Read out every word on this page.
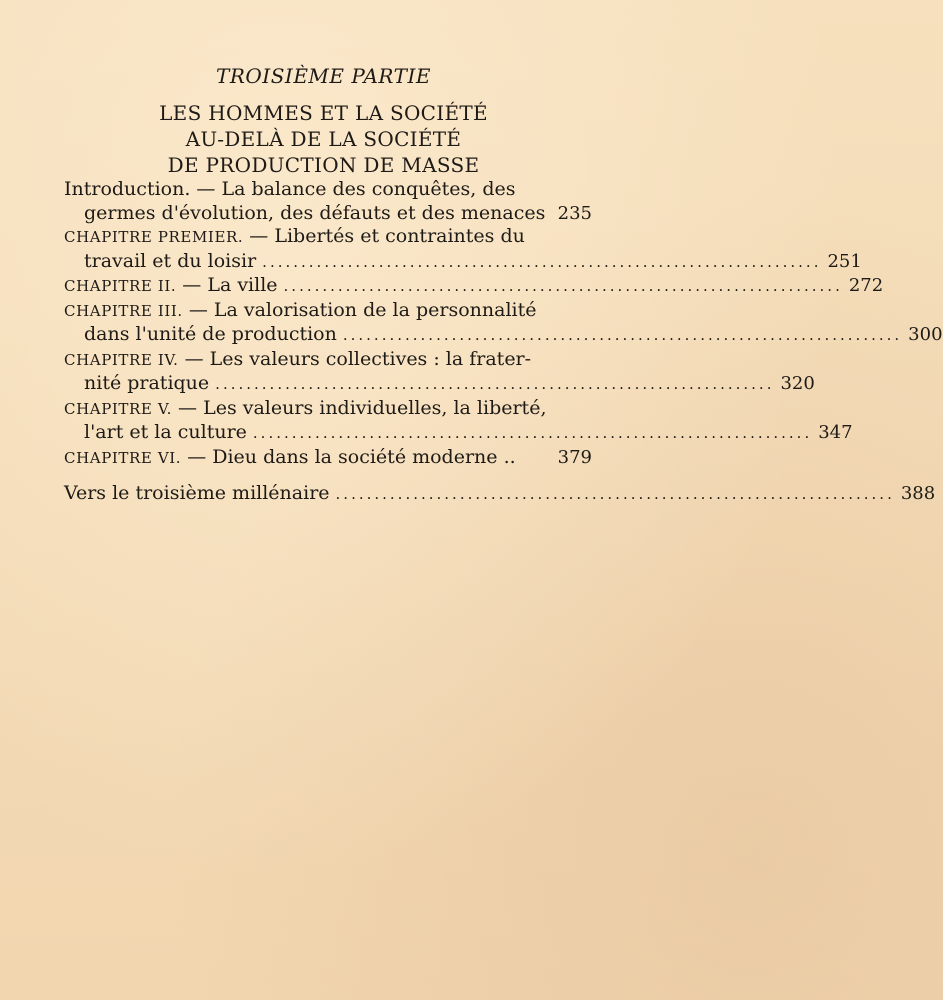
TROISIÈME PARTIE
LES HOMMES ET LA SOCIÉTÉ
AU-DELÀ DE LA SOCIÉTÉ
DE PRODUCTION DE MASSE
Introduction. — La balance des conquêtes, des
germes d'évolution, des défauts et des menaces 235
CHAPITRE PREMIER. — Libertés et contraintes du
travail et du loisir ........................................................................ 251
CHAPITRE II. — La ville ........................................................................ 272
CHAPITRE III. — La valorisation de la personnalité
dans l'unité de production ........................................................................ 300
CHAPITRE IV. — Les valeurs collectives : la frater-
nité pratique ........................................................................ 320
CHAPITRE V. — Les valeurs individuelles, la liberté,
l'art et la culture ........................................................................ 347
CHAPITRE VI. — Dieu dans la société moderne .. 379
Vers le troisième millénaire ........................................................................ 388
